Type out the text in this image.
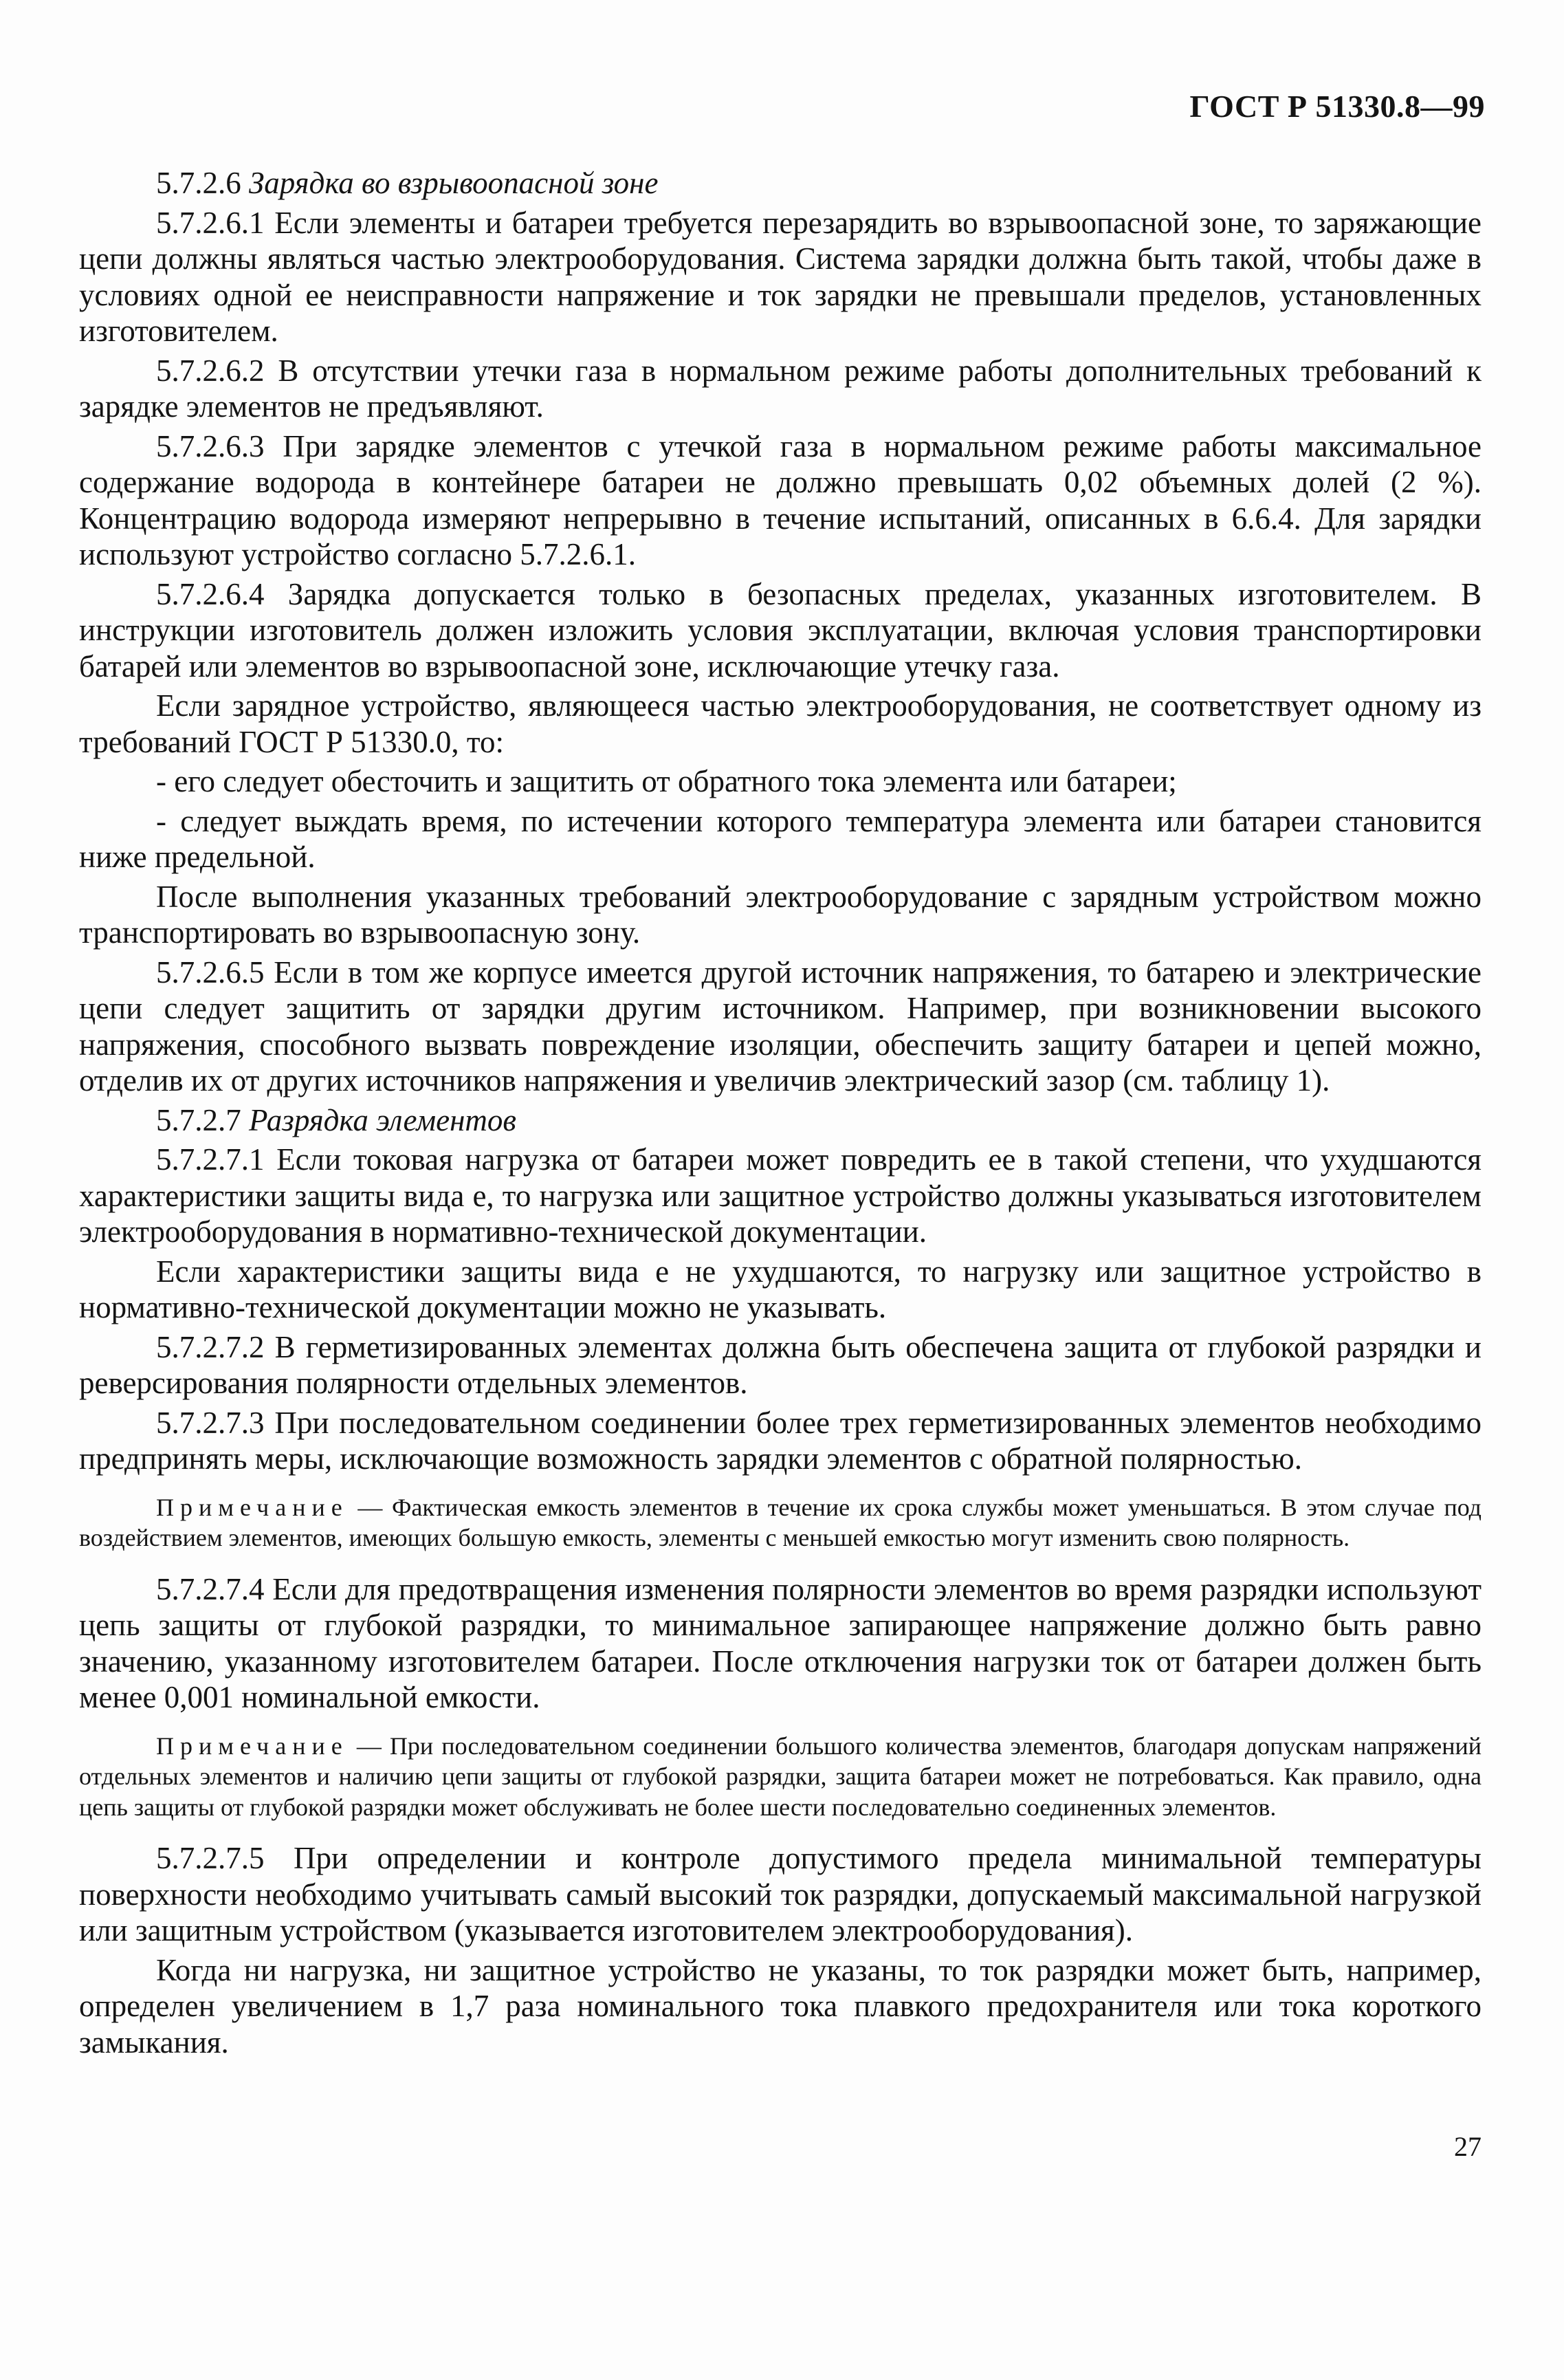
ГОСТ Р 51330.8—99

5.7.2.6 Зарядка во взрывоопасной зоне

5.7.2.6.1 Если элементы и батареи требуется перезарядить во взрывоопасной зоне, то заряжающие цепи должны являться частью электрооборудования. Система зарядки должна быть такой, чтобы даже в условиях одной ее неисправности напряжение и ток зарядки не превышали пределов, установленных изготовителем.

5.7.2.6.2 В отсутствии утечки газа в нормальном режиме работы дополнительных требований к зарядке элементов не предъявляют.

5.7.2.6.3 При зарядке элементов с утечкой газа в нормальном режиме работы максимальное содержание водорода в контейнере батареи не должно превышать 0,02 объемных долей (2 %). Концентрацию водорода измеряют непрерывно в течение испытаний, описанных в 6.6.4. Для зарядки используют устройство согласно 5.7.2.6.1.

5.7.2.6.4 Зарядка допускается только в безопасных пределах, указанных изготовителем. В инструкции изготовитель должен изложить условия эксплуатации, включая условия транспортировки батарей или элементов во взрывоопасной зоне, исключающие утечку газа.

Если зарядное устройство, являющееся частью электрооборудования, не соответствует одному из требований ГОСТ Р 51330.0, то:

- его следует обесточить и защитить от обратного тока элемента или батареи;

- следует выждать время, по истечении которого температура элемента или батареи становится ниже предельной.

После выполнения указанных требований электрооборудование с зарядным устройством можно транспортировать во взрывоопасную зону.

5.7.2.6.5 Если в том же корпусе имеется другой источник напряжения, то батарею и электрические цепи следует защитить от зарядки другим источником. Например, при возникновении высокого напряжения, способного вызвать повреждение изоляции, обеспечить защиту батареи и цепей можно, отделив их от других источников напряжения и увеличив электрический зазор (см. таблицу 1).

5.7.2.7 Разрядка элементов

5.7.2.7.1 Если токовая нагрузка от батареи может повредить ее в такой степени, что ухудшаются характеристики защиты вида e, то нагрузка или защитное устройство должны указываться изготовителем электрооборудования в нормативно-технической документации.

Если характеристики защиты вида e не ухудшаются, то нагрузку или защитное устройство в нормативно-технической документации можно не указывать.

5.7.2.7.2 В герметизированных элементах должна быть обеспечена защита от глубокой разрядки и реверсирования полярности отдельных элементов.

5.7.2.7.3 При последовательном соединении более трех герметизированных элементов необходимо предпринять меры, исключающие возможность зарядки элементов с обратной полярностью.

Примечание — Фактическая емкость элементов в течение их срока службы может уменьшаться. В этом случае под воздействием элементов, имеющих большую емкость, элементы с меньшей емкостью могут изменить свою полярность.

5.7.2.7.4 Если для предотвращения изменения полярности элементов во время разрядки используют цепь защиты от глубокой разрядки, то минимальное запирающее напряжение должно быть равно значению, указанному изготовителем батареи. После отключения нагрузки ток от батареи должен быть менее 0,001 номинальной емкости.

Примечание — При последовательном соединении большого количества элементов, благодаря допускам напряжений отдельных элементов и наличию цепи защиты от глубокой разрядки, защита батареи может не потребоваться. Как правило, одна цепь защиты от глубокой разрядки может обслуживать не более шести последовательно соединенных элементов.

5.7.2.7.5 При определении и контроле допустимого предела минимальной температуры поверхности необходимо учитывать самый высокий ток разрядки, допускаемый максимальной нагрузкой или защитным устройством (указывается изготовителем электрооборудования).

Когда ни нагрузка, ни защитное устройство не указаны, то ток разрядки может быть, например, определен увеличением в 1,7 раза номинального тока плавкого предохранителя или тока короткого замыкания.

27
